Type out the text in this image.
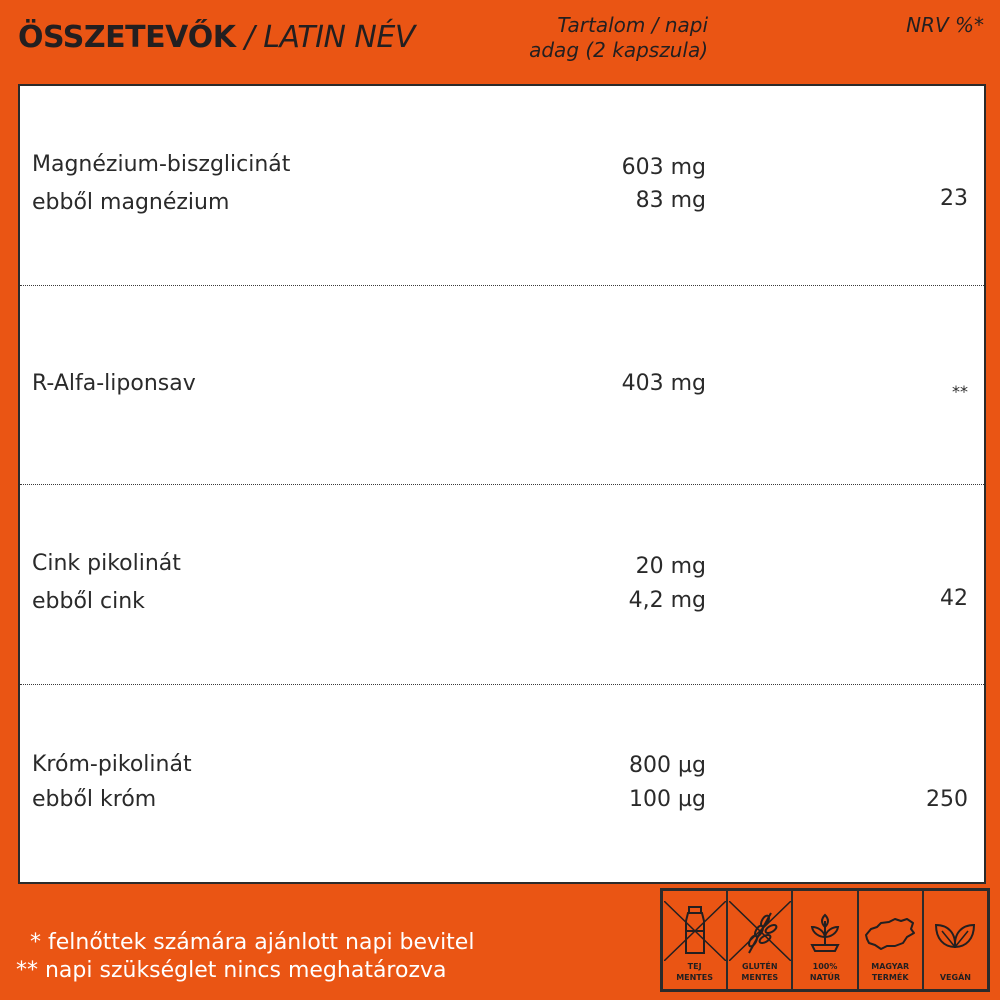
ÖSSZETEVŐK / LATIN NÉV	Tartalom / napi
adag (2 kapszula)
NRV %*
Magnézium-biszglicinát	603 mg
ebből magnézium	83 mg	23
R-Alfa-liponsav	403 mg	**
Cink pikolinát	20 mg
ebből cink	4,2 mg	42
Króm-pikolinát	800 µg
ebből króm	100 µg	250
* felnőttek számára ajánlott napi bevitel
** napi szükséglet nincs meghatározva	TEJ
MENTES
GLUTÉN
MENTES
100%
NATÚR
MAGYAR
TERMÉK	VEGÁN
